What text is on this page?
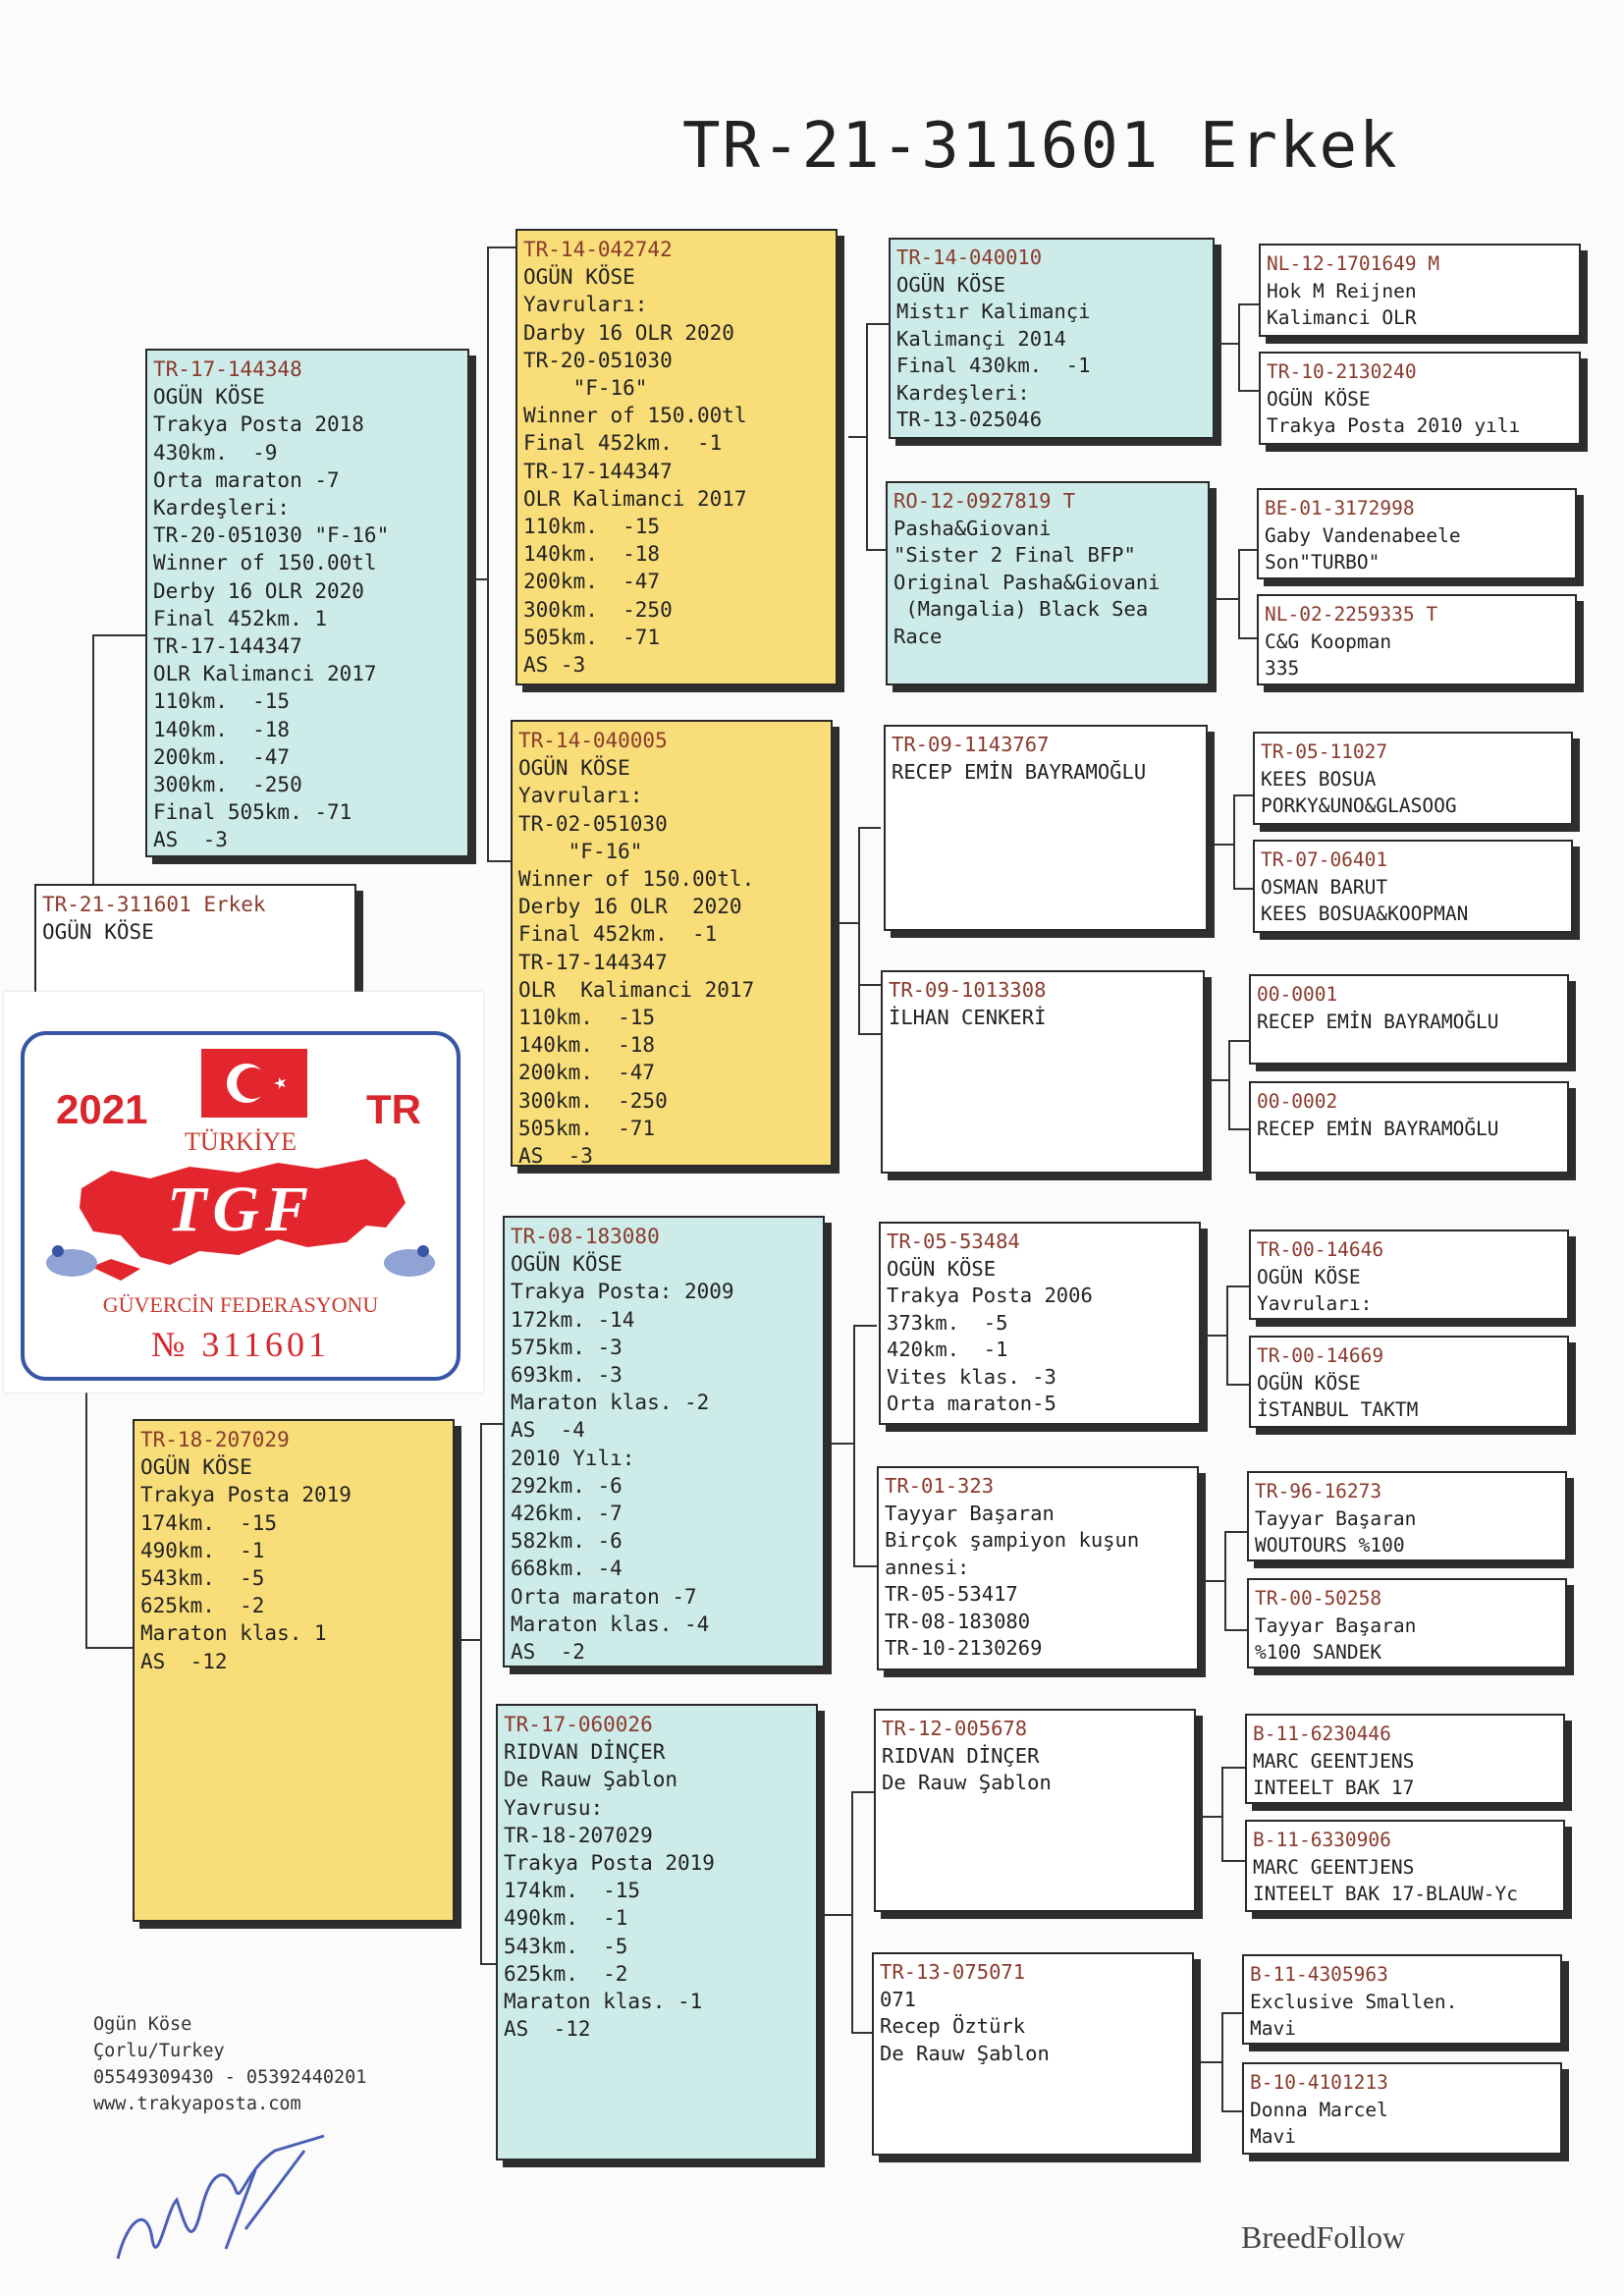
TR-21-311601 Erkek
TR-17-144348
OGÜN KÖSE
Trakya Posta 2018
430km.  -9
Orta maraton -7
Kardeşleri:
TR-20-051030 "F-16"
Winner of 150.00tl
Derby 16 OLR 2020
Final 452km. 1
TR-17-144347
OLR Kalimanci 2017
110km.  -15
140km.  -18
200km.  -47
300km.  -250
Final 505km. -71
AS  -3
TR-21-311601 Erkek
OGÜN KÖSE
TR-18-207029
OGÜN KÖSE
Trakya Posta 2019
174km.  -15
490km.  -1
543km.  -5
625km.  -2
Maraton klas. 1
AS  -12
TR-14-042742
OGÜN KÖSE
Yavruları:
Darby 16 OLR 2020
TR-20-051030
"F-16"
Winner of 150.00tl
Final 452km.  -1
TR-17-144347
OLR Kalimanci 2017
110km.  -15
140km.  -18
200km.  -47
300km.  -250
505km.  -71
AS -3
TR-14-040005
OGÜN KÖSE
Yavruları:
TR-02-051030
"F-16"
Winner of 150.00tl.
Derby 16 OLR  2020
Final 452km.  -1
TR-17-144347
OLR  Kalimanci 2017
110km.  -15
140km.  -18
200km.  -47
300km.  -250
505km.  -71
AS  -3
TR-08-183080
OGÜN KÖSE
Trakya Posta: 2009
172km. -14
575km. -3
693km. -3
Maraton klas. -2
AS  -4
2010 Yılı:
292km. -6
426km. -7
582km. -6
668km. -4
Orta maraton -7
Maraton klas. -4
AS  -2
TR-17-060026
RIDVAN DİNÇER
De Rauw Şablon
Yavrusu:
TR-18-207029
Trakya Posta 2019
174km.  -15
490km.  -1
543km.  -5
625km.  -2
Maraton klas. -1
AS  -12
TR-14-040010
OGÜN KÖSE
Mistır Kalimançi
Kalimançi 2014
Final 430km.  -1
Kardeşleri:
TR-13-025046
RO-12-0927819 T
Pasha&Giovani
"Sister 2 Final BFP"
Original Pasha&Giovani
(Mangalia) Black Sea
Race
TR-09-1143767
RECEP EMİN BAYRAMOĞLU
TR-09-1013308
İLHAN CENKERİ
TR-05-53484
OGÜN KÖSE
Trakya Posta 2006
373km.  -5
420km.  -1
Vites klas. -3
Orta maraton-5
TR-01-323
Tayyar Başaran
Birçok şampiyon kuşun
annesi:
TR-05-53417
TR-08-183080
TR-10-2130269
TR-12-005678
RIDVAN DİNÇER
De Rauw Şablon
TR-13-075071
071
Recep Öztürk
De Rauw Şablon
NL-12-1701649 M
Hok M Reijnen
Kalimanci OLR
TR-10-2130240
OGÜN KÖSE
Trakya Posta 2010 yılı
BE-01-3172998
Gaby Vandenabeele
Son"TURBO"
NL-02-2259335 T
C&G Koopman
335
TR-05-11027
KEES BOSUA
PORKY&UNO&GLASOOG
TR-07-06401
OSMAN BARUT
KEES BOSUA&KOOPMAN
00-0001
RECEP EMİN BAYRAMOĞLU
00-0002
RECEP EMİN BAYRAMOĞLU
TR-00-14646
OGÜN KÖSE
Yavruları:
TR-00-14669
OGÜN KÖSE
İSTANBUL TAKTM
TR-96-16273
Tayyar Başaran
WOUTOURS %100
TR-00-50258
Tayyar Başaran
%100 SANDEK
B-11-6230446
MARC GEENTJENS
INTEELT BAK 17
B-11-6330906
MARC GEENTJENS
INTEELT BAK 17-BLAUW-Yc
B-11-4305963
Exclusive Smallen.
Mavi
B-10-4101213
Donna Marcel
Mavi
2021	TR
TÜRKİYE
TGF
GÜVERCİN FEDERASYONU
№ 311601
Ogün Köse
Çorlu/Turkey
05549309430 - 05392440201
www.trakyaposta.com
BreedFollow
